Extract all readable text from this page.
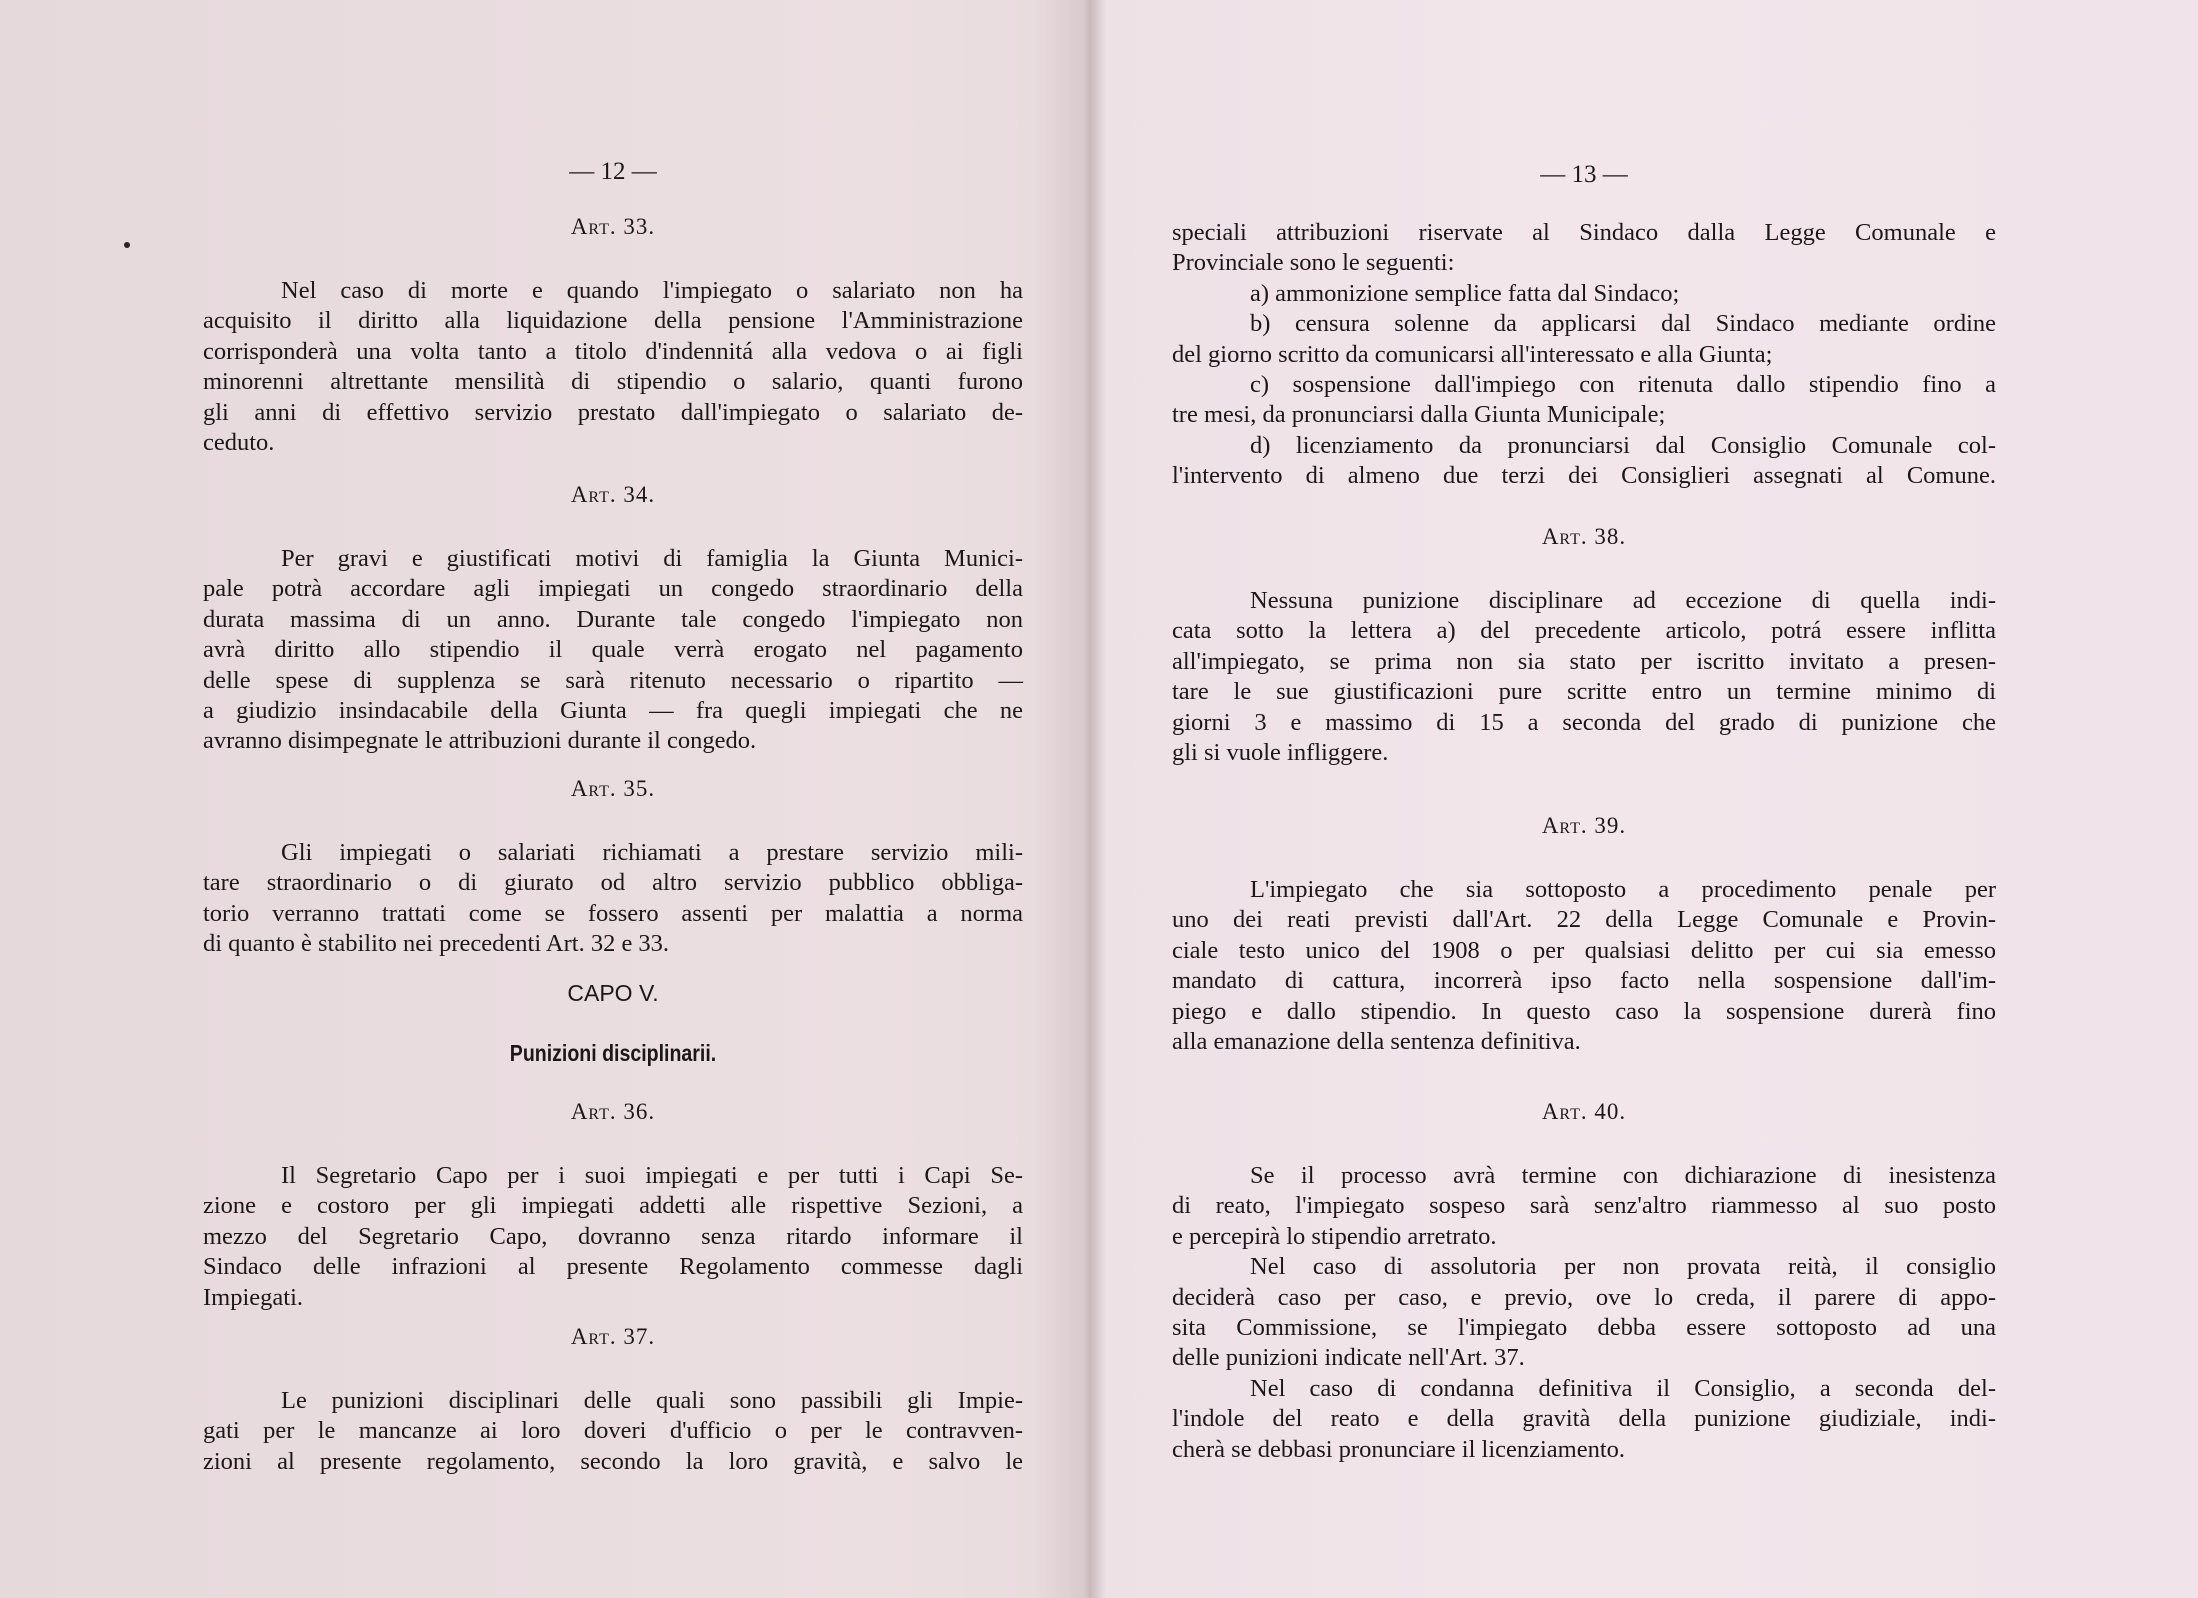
— 12 —
Art. 33.
Nel caso di morte e quando l'impiegato o salariato non ha
acquisito il diritto alla liquidazione della pensione l'Amministrazione
corrisponderà una volta tanto a titolo d'indennitá alla vedova o ai figli
minorenni altrettante mensilità di stipendio o salario, quanti furono
gli anni di effettivo servizio prestato dall'impiegato o salariato de-
ceduto.
Art. 34.
Per gravi e giustificati motivi di famiglia la Giunta Munici-
pale potrà accordare agli impiegati un congedo straordinario della
durata massima di un anno. Durante tale congedo l'impiegato non
avrà diritto allo stipendio il quale verrà erogato nel pagamento
delle spese di supplenza se sarà ritenuto necessario o ripartito —
a giudizio insindacabile della Giunta — fra quegli impiegati che ne
avranno disimpegnate le attribuzioni durante il congedo.
Art. 35.
Gli impiegati o salariati richiamati a prestare servizio mili-
tare straordinario o di giurato od altro servizio pubblico obbliga-
torio verranno trattati come se fossero assenti per malattia a norma
di quanto è stabilito nei precedenti Art. 32 e 33.
CAPO V.
Punizioni disciplinarii.
Art. 36.
Il Segretario Capo per i suoi impiegati e per tutti i Capi Se-
zione e costoro per gli impiegati addetti alle rispettive Sezioni, a
mezzo del Segretario Capo, dovranno senza ritardo informare il
Sindaco delle infrazioni al presente Regolamento commesse dagli
Impiegati.
Art. 37.
Le punizioni disciplinari delle quali sono passibili gli Impie-
gati per le mancanze ai loro doveri d'ufficio o per le contravven-
zioni al presente regolamento, secondo la loro gravità, e salvo le
— 13 —
speciali attribuzioni riservate al Sindaco dalla Legge Comunale e
Provinciale sono le seguenti:
a) ammonizione semplice fatta dal Sindaco;
b) censura solenne da applicarsi dal Sindaco mediante ordine
del giorno scritto da comunicarsi all'interessato e alla Giunta;
c) sospensione dall'impiego con ritenuta dallo stipendio fino a
tre mesi, da pronunciarsi dalla Giunta Municipale;
d) licenziamento da pronunciarsi dal Consiglio Comunale col-
l'intervento di almeno due terzi dei Consiglieri assegnati al Comune.
Art. 38.
Nessuna punizione disciplinare ad eccezione di quella indi-
cata sotto la lettera a) del precedente articolo, potrá essere inflitta
all'impiegato, se prima non sia stato per iscritto invitato a presen-
tare le sue giustificazioni pure scritte entro un termine minimo di
giorni 3 e massimo di 15 a seconda del grado di punizione che
gli si vuole infliggere.
Art. 39.
L'impiegato che sia sottoposto a procedimento penale per
uno dei reati previsti dall'Art. 22 della Legge Comunale e Provin-
ciale testo unico del 1908 o per qualsiasi delitto per cui sia emesso
mandato di cattura, incorrerà ipso facto nella sospensione dall'im-
piego e dallo stipendio. In questo caso la sospensione durerà fino
alla emanazione della sentenza definitiva.
Art. 40.
Se il processo avrà termine con dichiarazione di inesistenza
di reato, l'impiegato sospeso sarà senz'altro riammesso al suo posto
e percepirà lo stipendio arretrato.
Nel caso di assolutoria per non provata reità, il consiglio
deciderà caso per caso, e previo, ove lo creda, il parere di appo-
sita Commissione, se l'impiegato debba essere sottoposto ad una
delle punizioni indicate nell'Art. 37.
Nel caso di condanna definitiva il Consiglio, a seconda del-
l'indole del reato e della gravità della punizione giudiziale, indi-
cherà se debbasi pronunciare il licenziamento.
